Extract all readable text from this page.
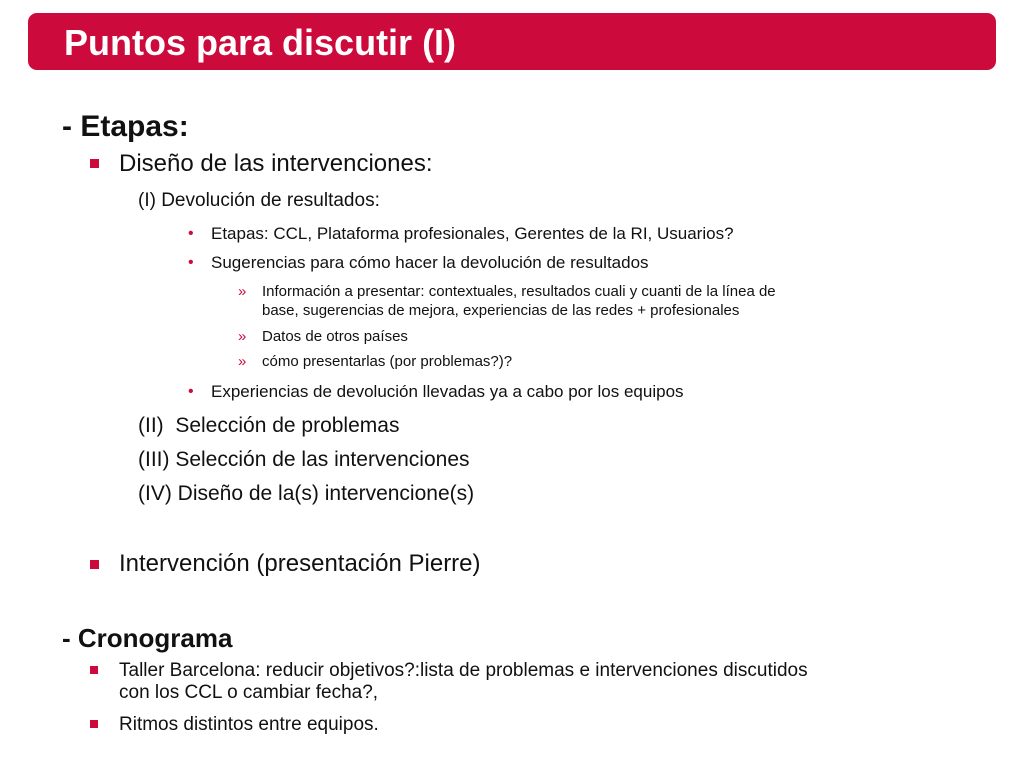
Puntos para discutir (I)
- Etapas:
Diseño de las intervenciones:
(I) Devolución de resultados:
• Etapas: CCL, Plataforma profesionales, Gerentes de la RI, Usuarios?
• Sugerencias para cómo hacer la devolución de resultados
» Información a presentar: contextuales, resultados cuali y cuanti de la línea de
base, sugerencias de mejora, experiencias de las redes + profesionales
» Datos de otros países
» cómo presentarlas (por problemas?)?
• Experiencias de devolución llevadas ya a cabo por los equipos
(II)  Selección de problemas
(III) Selección de las intervenciones
(IV) Diseño de la(s) intervencione(s)
Intervención (presentación Pierre)
- Cronograma
Taller Barcelona: reducir objetivos?:lista de problemas e intervenciones discutidos
con los CCL o cambiar fecha?,
Ritmos distintos entre equipos.
